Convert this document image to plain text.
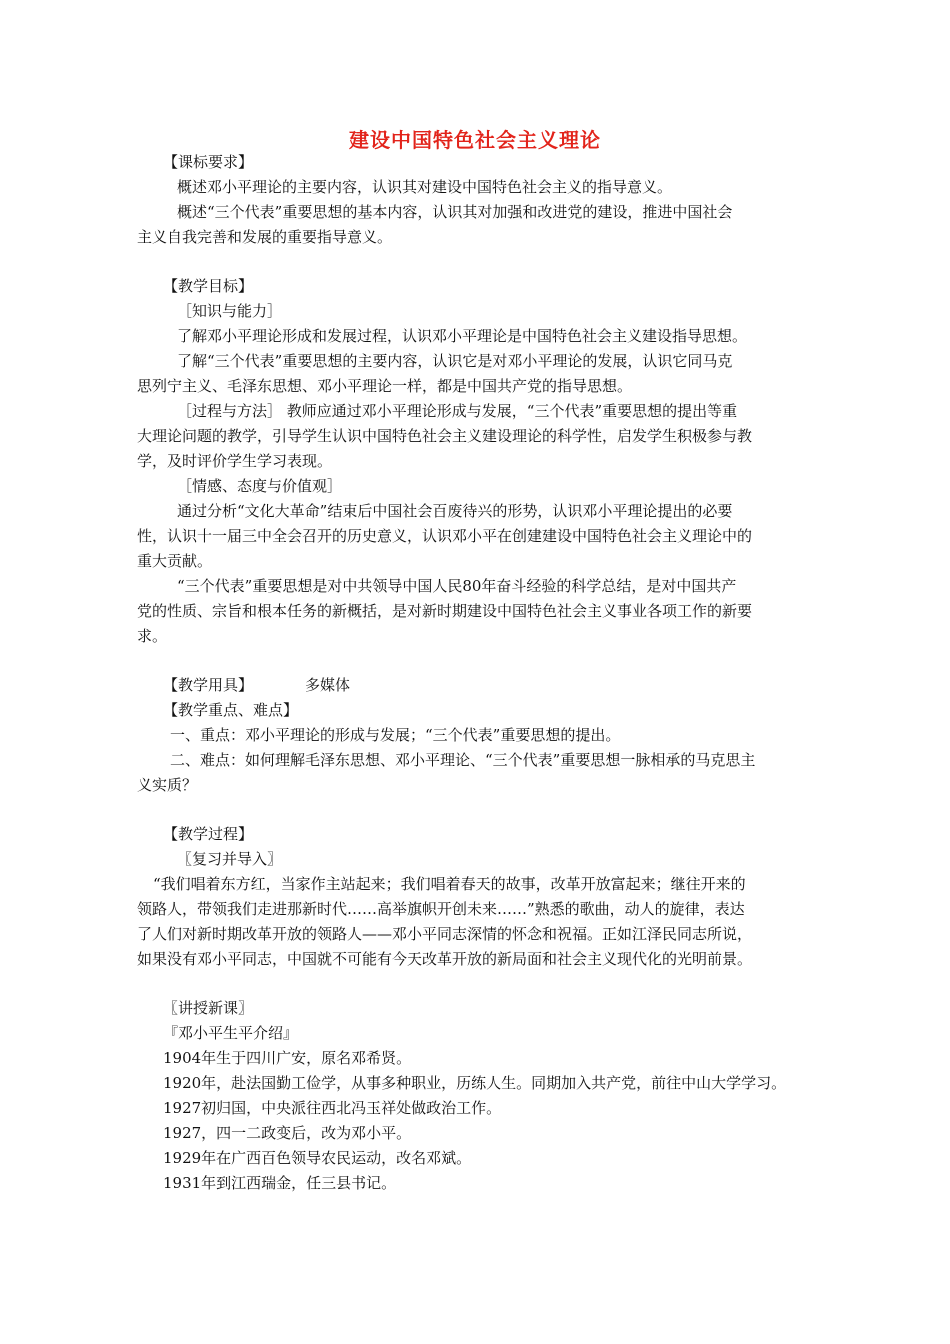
建设中国特色社会主义理论
【课标要求】
概述邓小平理论的主要内容，认识其对建设中国特色社会主义的指导意义。
概述“三个代表”重要思想的基本内容，认识其对加强和改进党的建设，推进中国社会
主义自我完善和发展的重要指导意义。
【教学目标】
［知识与能力］
了解邓小平理论形成和发展过程，认识邓小平理论是中国特色社会主义建设指导思想。
了解“三个代表”重要思想的主要内容，认识它是对邓小平理论的发展，认识它同马克
思列宁主义、毛泽东思想、邓小平理论一样，都是中国共产党的指导思想。
［过程与方法］ 教师应通过邓小平理论形成与发展，“三个代表”重要思想的提出等重
大理论问题的教学，引导学生认识中国特色社会主义建设理论的科学性，启发学生积极参与教
学，及时评价学生学习表现。
［情感、态度与价值观］
通过分析“文化大革命”结束后中国社会百废待兴的形势，认识邓小平理论提出的必要
性，认识十一届三中全会召开的历史意义，认识邓小平在创建建设中国特色社会主义理论中的
重大贡献。
“三个代表”重要思想是对中共领导中国人民80年奋斗经验的科学总结，是对中国共产
党的性质、宗旨和根本任务的新概括，是对新时期建设中国特色社会主义事业各项工作的新要
求。
【教学用具】	多媒体
【教学重点、难点】
一、重点：邓小平理论的形成与发展；“三个代表”重要思想的提出。
二、难点：如何理解毛泽东思想、邓小平理论、“三个代表”重要思想一脉相承的马克思主
义实质？
【教学过程】
〖复习并导入〗
“我们唱着东方红，当家作主站起来；我们唱着春天的故事，改革开放富起来；继往开来的
领路人，带领我们走进那新时代……高举旗帜开创未来……”熟悉的歌曲，动人的旋律，表达
了人们对新时期改革开放的领路人——邓小平同志深情的怀念和祝福。正如江泽民同志所说，
如果没有邓小平同志，中国就不可能有今天改革开放的新局面和社会主义现代化的光明前景。
〖讲授新课〗
『邓小平生平介绍』
1904年生于四川广安，原名邓希贤。
1920年，赴法国勤工俭学，从事多种职业，历练人生。同期加入共产党，前往中山大学学习。
1927初归国，中央派往西北冯玉祥处做政治工作。
1927，四一二政变后，改为邓小平。
1929年在广西百色领导农民运动，改名邓斌。
1931年到江西瑞金，任三县书记。
